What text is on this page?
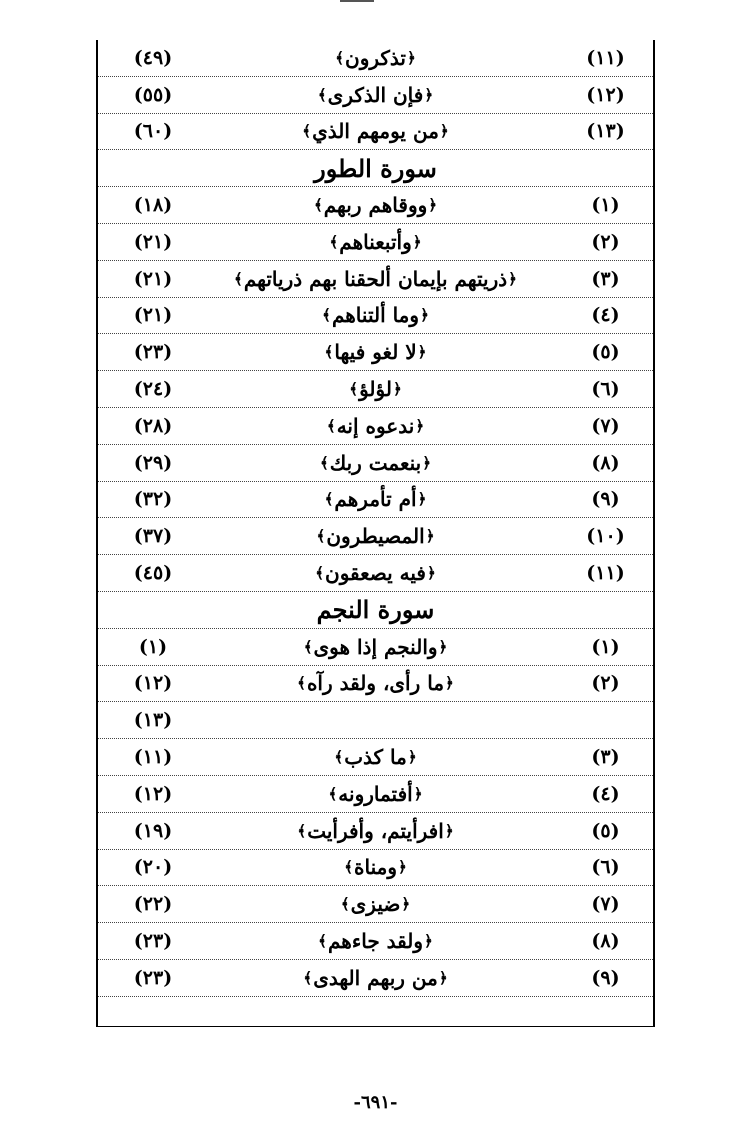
(١١)
﴿
تذكرون
﴾
(٤٩)
(١٢)
﴿
فإن الذكرى
﴾
(٥٥)
(١٣)
﴿
من يومهم الذي
﴾
(٦٠)
سورة الطور
(١)
﴿
ووقاهم ربهم
﴾
(١٨)
(٢)
﴿
وأتبعناهم
﴾
(٢١)
(٣)
﴿
ذريتهم بإيمان ألحقنا بهم ذرياتهم
﴾
(٢١)
(٤)
﴿
وما ألتناهم
﴾
(٢١)
(٥)
﴿
لا لغو فيها
﴾
(٢٣)
(٦)
﴿
لؤلؤ
﴾
(٢٤)
(٧)
﴿
ندعوه إنه
﴾
(٢٨)
(٨)
﴿
بنعمت ربك
﴾
(٢٩)
(٩)
﴿
أم تأمرهم
﴾
(٣٢)
(١٠)
﴿
المصيطرون
﴾
(٣٧)
(١١)
﴿
فيه يصعقون
﴾
(٤٥)
سورة النجم
(١)
﴿
والنجم إذا هوى
﴾
(١)
(٢)
﴿
ما رأى، ولقد رآه
﴾
(١٢)
(١٣)
(٣)
﴿
ما كذب
﴾
(١١)
(٤)
﴿
أفتمارونه
﴾
(١٢)
(٥)
﴿
افرأيتم، وأفرأيت
﴾
(١٩)
(٦)
﴿
ومناة
﴾
(٢٠)
(٧)
﴿
ضيزى
﴾
(٢٢)
(٨)
﴿
ولقد جاءهم
﴾
(٢٣)
(٩)
﴿
من ربهم الهدى
﴾
(٢٣)
-٦٩١-
